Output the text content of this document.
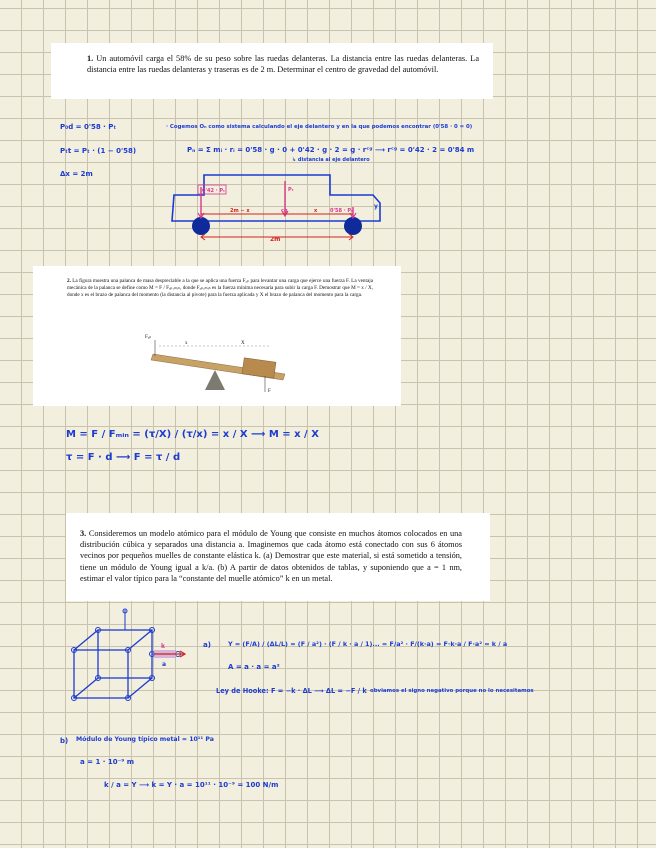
1. Un automóvil carga el 58% de su peso sobre las ruedas delanteras. La distancia entre las ruedas delanteras. La distancia entre las ruedas delanteras y traseras es de 2 m. Determinar el centro de gravedad del automóvil.

P₀d = 0'58 · Pₜ
Pₜt = Pₜ · (1 − 0'58)
Δx = 2m
· Cogemos Oₙ como sistema calculando el eje delantero y en la que podemos encontrar (0'58 · 0 = 0)
Pₙ = Σ mᵢ · rᵢ = 0'58 · g · 0 + 0'42 · g · 2 = g · rᶜᵍ ⟶ rᶜᵍ = 0'42 · 2 = 0'84 m
↳ distancia al eje delantero
0'42 · Pₜ
0'58 · Pₜ
Pₜ
2m − x	cg	x
2m
y

2. La figura muestra una palanca de masa despreciable a la que se aplica una fuerza Fₐₚ para levantar una carga que ejerce una fuerza F. La ventaja mecánica de la palanca se define como M = F / Fₐₚ,ₘᵢₙ, donde Fₐₚ,ₘᵢₙ es la fuerza mínima necesaria para subir la carga F. Demostrar que M = x / X, donde x es el brazo de palanca del momento (la distancia al pivote) para la fuerza aplicada y X el brazo de palanca del momento para la carga.

Fₐₚ
x	X
F
M = F / Fₘᵢₙ = (τ/X) / (τ/x) = x / X ⟶ M = x / X
τ = F · d ⟶ F = τ / d

3. Consideremos un modelo atómico para el módulo de Young que consiste en muchos átomos colocados en una distribución cúbica y separados una distancia a. Imaginemos que cada átomo está conectado con sus 6 átomos vecinos por pequeños muelles de constante elástica k. (a) Demostrar que este material, si está sometido a tensión, tiene un módulo de Young igual a k/a. (b) A partir de datos obtenidos de tablas, y suponiendo que a = 1 nm, estimar el valor típico para la “constante del muelle atómico” k en un metal.

k
a
a)	Y = (F/A) / (ΔL/L) = (F / a²) · (F / k · a / 1)... = F/a² · F/(k·a) = F·k·a / F·a² = k / a
A = a · a = a²
Ley de Hooke: F = −k · ΔL ⟶ ΔL = −F / k obviamos el signo negativo porque no lo necesitamos
b) Módulo de Young típico metal = 10¹¹ Pa
a = 1 · 10⁻⁹ m
k / a = Y ⟶ k = Y · a = 10¹¹ · 10⁻⁹ = 100 N/m
